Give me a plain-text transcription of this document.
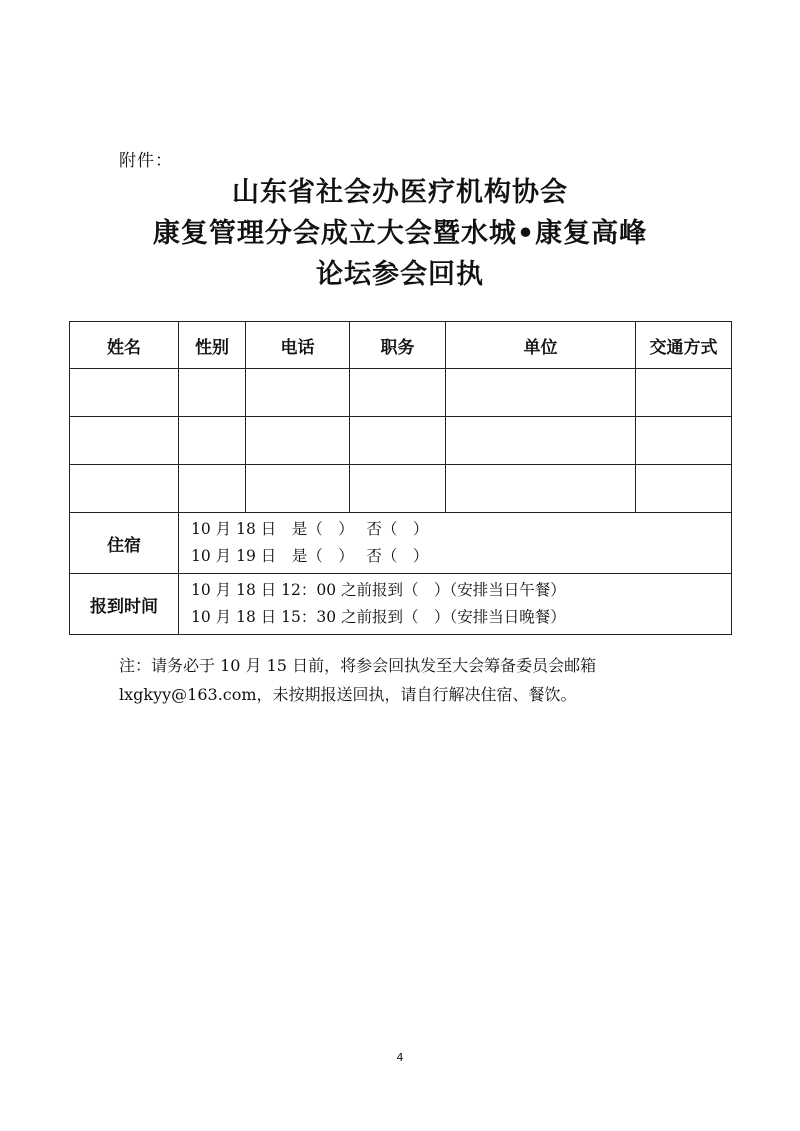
附件：
山东省社会办医疗机构协会
康复管理分会成立大会暨水城•康复高峰
论坛参会回执
姓名	性别	电话	职务	单位	交通方式

住宿	10 月 18 日　是（　）　 否（　）
10 月 19 日　是（　）　 否（　）				

报到时间	10 月 18 日 12：00 之前报到（　）（安排当日午餐）
10 月 18 日 15：30 之前报到（　）（安排当日晚餐）				
注：请务必于 10 月 15 日前，将参会回执发至大会筹备委员会邮箱
lxgkyy@163.com，未按期报送回执，请自行解决住宿、餐饮。
4
